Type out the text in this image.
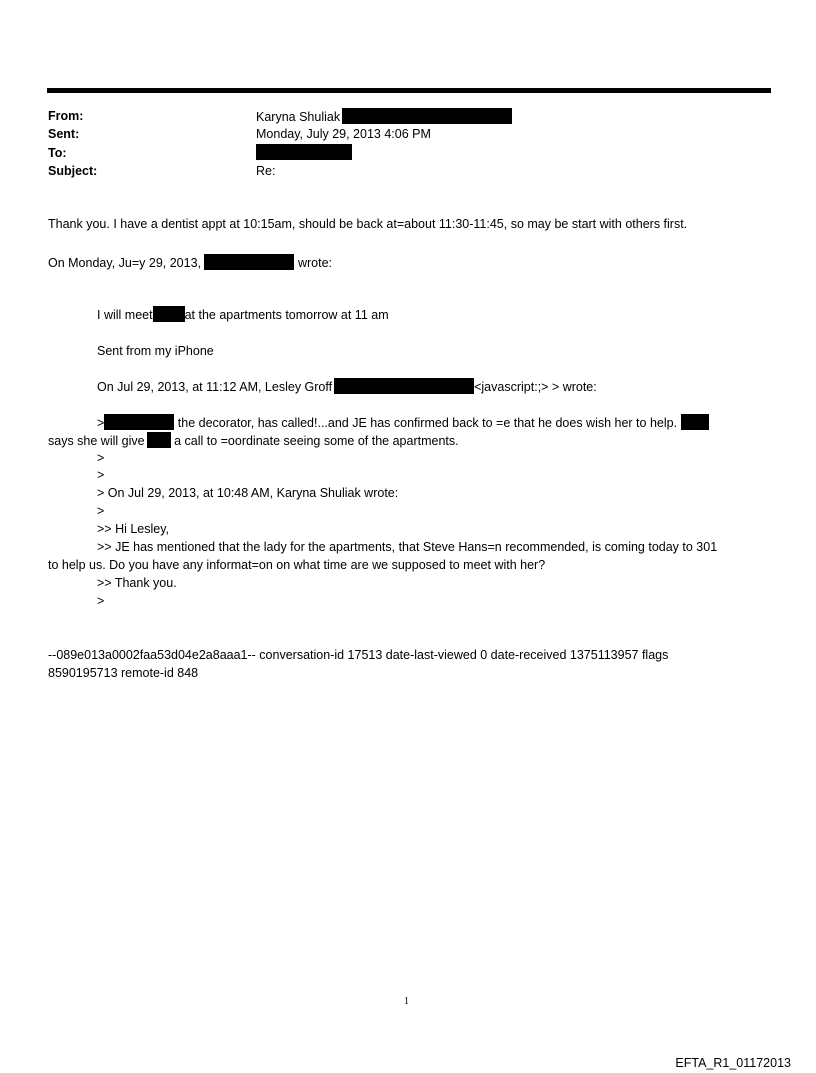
From:	Karyna Shuliak
Sent:	Monday, July 29, 2013 4:06 PM
To:
Subject:	Re:
Thank you. I have a dentist appt at 10:15am, should be back at=about 11:30-11:45, so may be start with others first.
On Monday, Ju=y 29, 2013,	wrote:
I will meet	at the apartments tomorrow at 11 am
Sent from my iPhone
On Jul 29, 2013, at 11:12 AM, Lesley Groff	<javascript:;> > wrote:
>	the decorator, has called!...and JE has confirmed back to =e that he does wish her to help.
says she will give a call to =oordinate seeing some of the apartments.
>
>
> On Jul 29, 2013, at 10:48 AM, Karyna Shuliak wrote:
>
>> Hi Lesley,
>> JE has mentioned that the lady for the apartments, that Steve Hans=n recommended, is coming today to 301
to help us. Do you have any informat=on on what time are we supposed to meet with her?
>> Thank you.
>
--089e013a0002faa53d04e2a8aaa1-- conversation-id 17513 date-last-viewed 0 date-received 1375113957 flags
8590195713 remote-id 848
1
EFTA_R1_01172013
